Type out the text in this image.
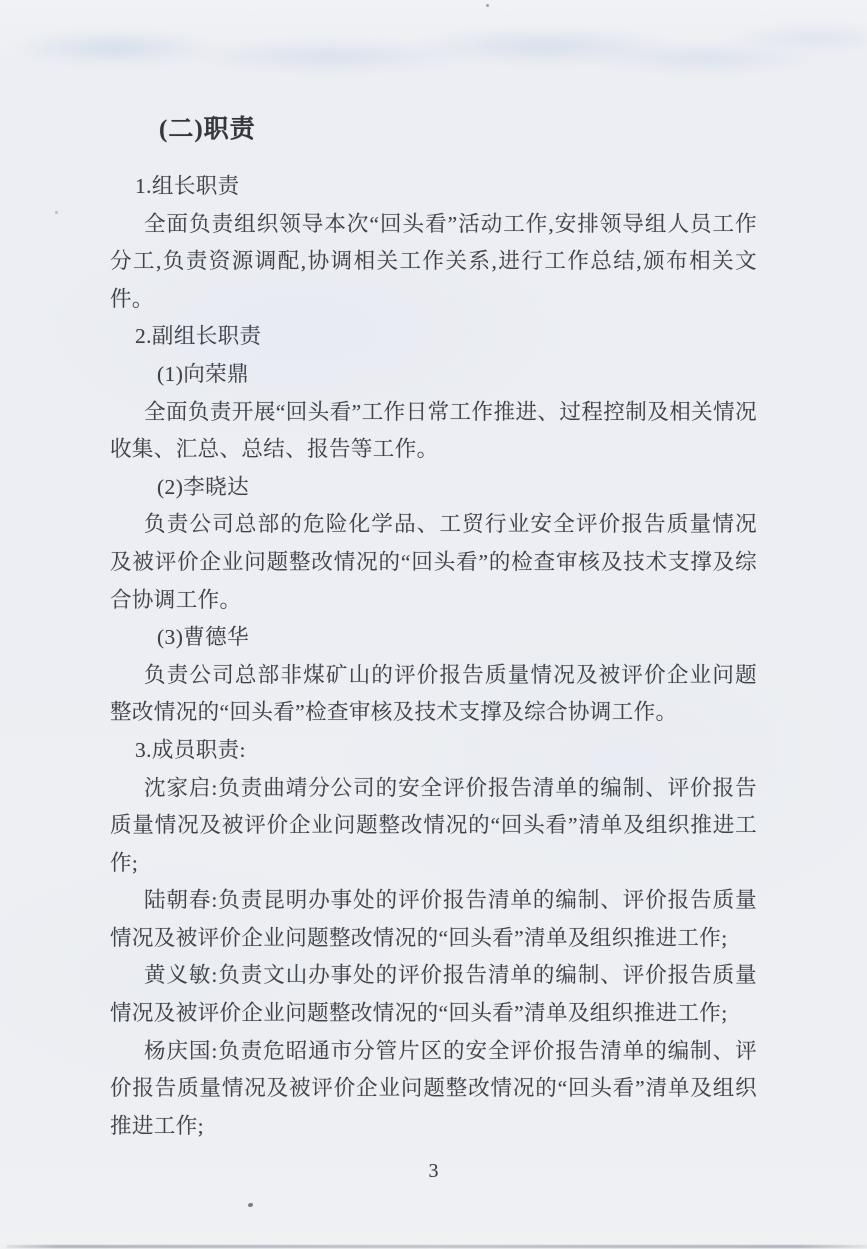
(二)职责

1.组长职责

全面负责组织领导本次“回头看”活动工作,安排领导组人员工作分工,负责资源调配,协调相关工作关系,进行工作总结,颁布相关文件。

2.副组长职责

(1)向荣鼎

全面负责开展“回头看”工作日常工作推进、过程控制及相关情况收集、汇总、总结、报告等工作。

(2)李晓达

负责公司总部的危险化学品、工贸行业安全评价报告质量情况及被评价企业问题整改情况的“回头看”的检查审核及技术支撑及综合协调工作。

(3)曹德华

负责公司总部非煤矿山的评价报告质量情况及被评价企业问题整改情况的“回头看”检查审核及技术支撑及综合协调工作。

3.成员职责:

沈家启:负责曲靖分公司的安全评价报告清单的编制、评价报告质量情况及被评价企业问题整改情况的“回头看”清单及组织推进工作;

陆朝春:负责昆明办事处的评价报告清单的编制、评价报告质量情况及被评价企业问题整改情况的“回头看”清单及组织推进工作;

黄义敏:负责文山办事处的评价报告清单的编制、评价报告质量情况及被评价企业问题整改情况的“回头看”清单及组织推进工作;

杨庆国:负责危昭通市分管片区的安全评价报告清单的编制、评价报告质量情况及被评价企业问题整改情况的“回头看”清单及组织推进工作;

3
